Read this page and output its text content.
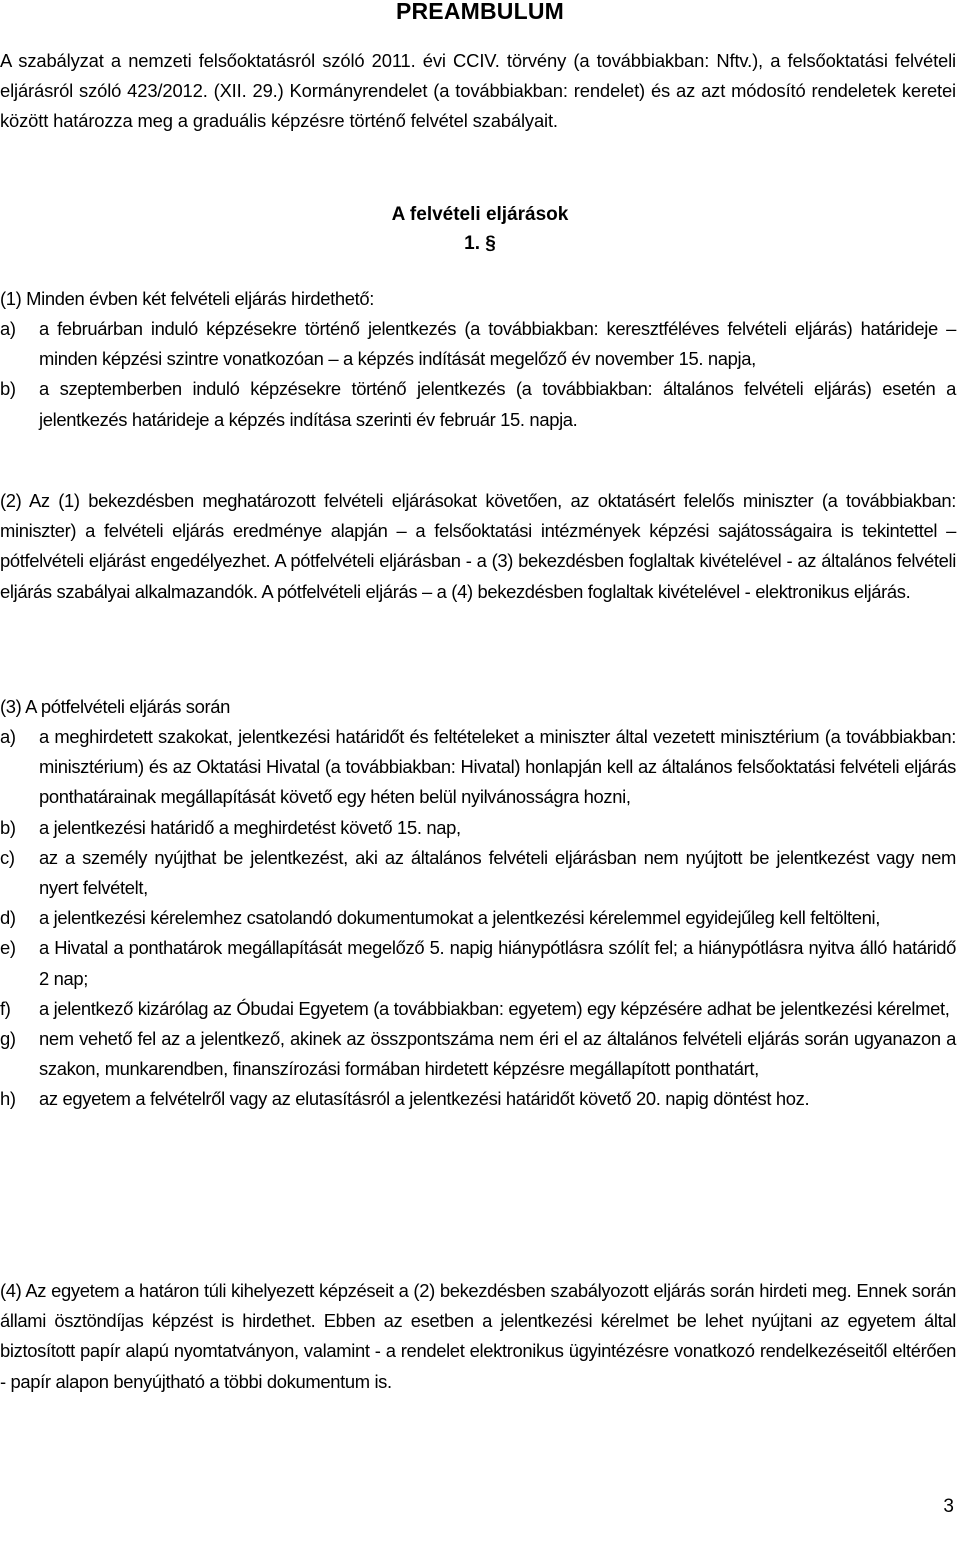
PREAMBULUM

A szabályzat a nemzeti felsőoktatásról szóló 2011. évi CCIV. törvény (a továbbiakban: Nftv.), a felsőoktatási felvételi eljárásról szóló 423/2012. (XII. 29.) Kormányrendelet (a továbbiakban: rendelet) és az azt módosító rendeletek keretei között határozza meg a graduális képzésre történő felvétel szabályait.

A felvételi eljárások
1. §

(1) Minden évben két felvételi eljárás hirdethető:

a)	a februárban induló képzésekre történő jelentkezés (a továbbiakban: keresztféléves felvételi eljárás) határideje – minden képzési szintre vonatkozóan – a képzés indítását megelőző év november 15. napja,
b)	a szeptemberben induló képzésekre történő jelentkezés (a továbbiakban: általános felvételi eljárás) esetén a jelentkezés határideje a képzés indítása szerinti év február 15. napja.

(2) Az (1) bekezdésben meghatározott felvételi eljárásokat követően, az oktatásért felelős miniszter (a továbbiakban: miniszter) a felvételi eljárás eredménye alapján – a felsőoktatási intézmények képzési sajátosságaira is tekintettel – pótfelvételi eljárást engedélyezhet. A pótfelvételi eljárásban - a (3) bekezdésben foglaltak kivételével - az általános felvételi eljárás szabályai alkalmazandók. A pótfelvételi eljárás – a (4) bekezdésben foglaltak kivételével - elektronikus eljárás.

(3) A pótfelvételi eljárás során

a)	a meghirdetett szakokat, jelentkezési határidőt és feltételeket a miniszter által vezetett minisztérium (a továbbiakban: minisztérium) és az Oktatási Hivatal (a továbbiakban: Hivatal) honlapján kell az általános felsőoktatási felvételi eljárás ponthatárainak megállapítását követő egy héten belül nyilvánosságra hozni,
b)	a jelentkezési határidő a meghirdetést követő 15. nap,
c)	az a személy nyújthat be jelentkezést, aki az általános felvételi eljárásban nem nyújtott be jelentkezést vagy nem nyert felvételt,
d)	a jelentkezési kérelemhez csatolandó dokumentumokat a jelentkezési kérelemmel egyidejűleg kell feltölteni,
e)	a Hivatal a ponthatárok megállapítását megelőző 5. napig hiánypótlásra szólít fel; a hiánypótlásra nyitva álló határidő 2 nap;
f)	a jelentkező kizárólag az Óbudai Egyetem (a továbbiakban: egyetem) egy képzésére adhat be jelentkezési kérelmet,
g)	nem vehető fel az a jelentkező, akinek az összpontszáma nem éri el az általános felvételi eljárás során ugyanazon a szakon, munkarendben, finanszírozási formában hirdetett képzésre megállapított ponthatárt,
h)	az egyetem a felvételről vagy az elutasításról a jelentkezési határidőt követő 20. napig döntést hoz.

(4) Az egyetem a határon túli kihelyezett képzéseit a (2) bekezdésben szabályozott eljárás során hirdeti meg. Ennek során állami ösztöndíjas képzést is hirdethet. Ebben az esetben a jelentkezési kérelmet be lehet nyújtani az egyetem által biztosított papír alapú nyomtatványon, valamint - a rendelet elektronikus ügyintézésre vonatkozó rendelkezéseitől eltérően - papír alapon benyújtható a többi dokumentum is.

3
